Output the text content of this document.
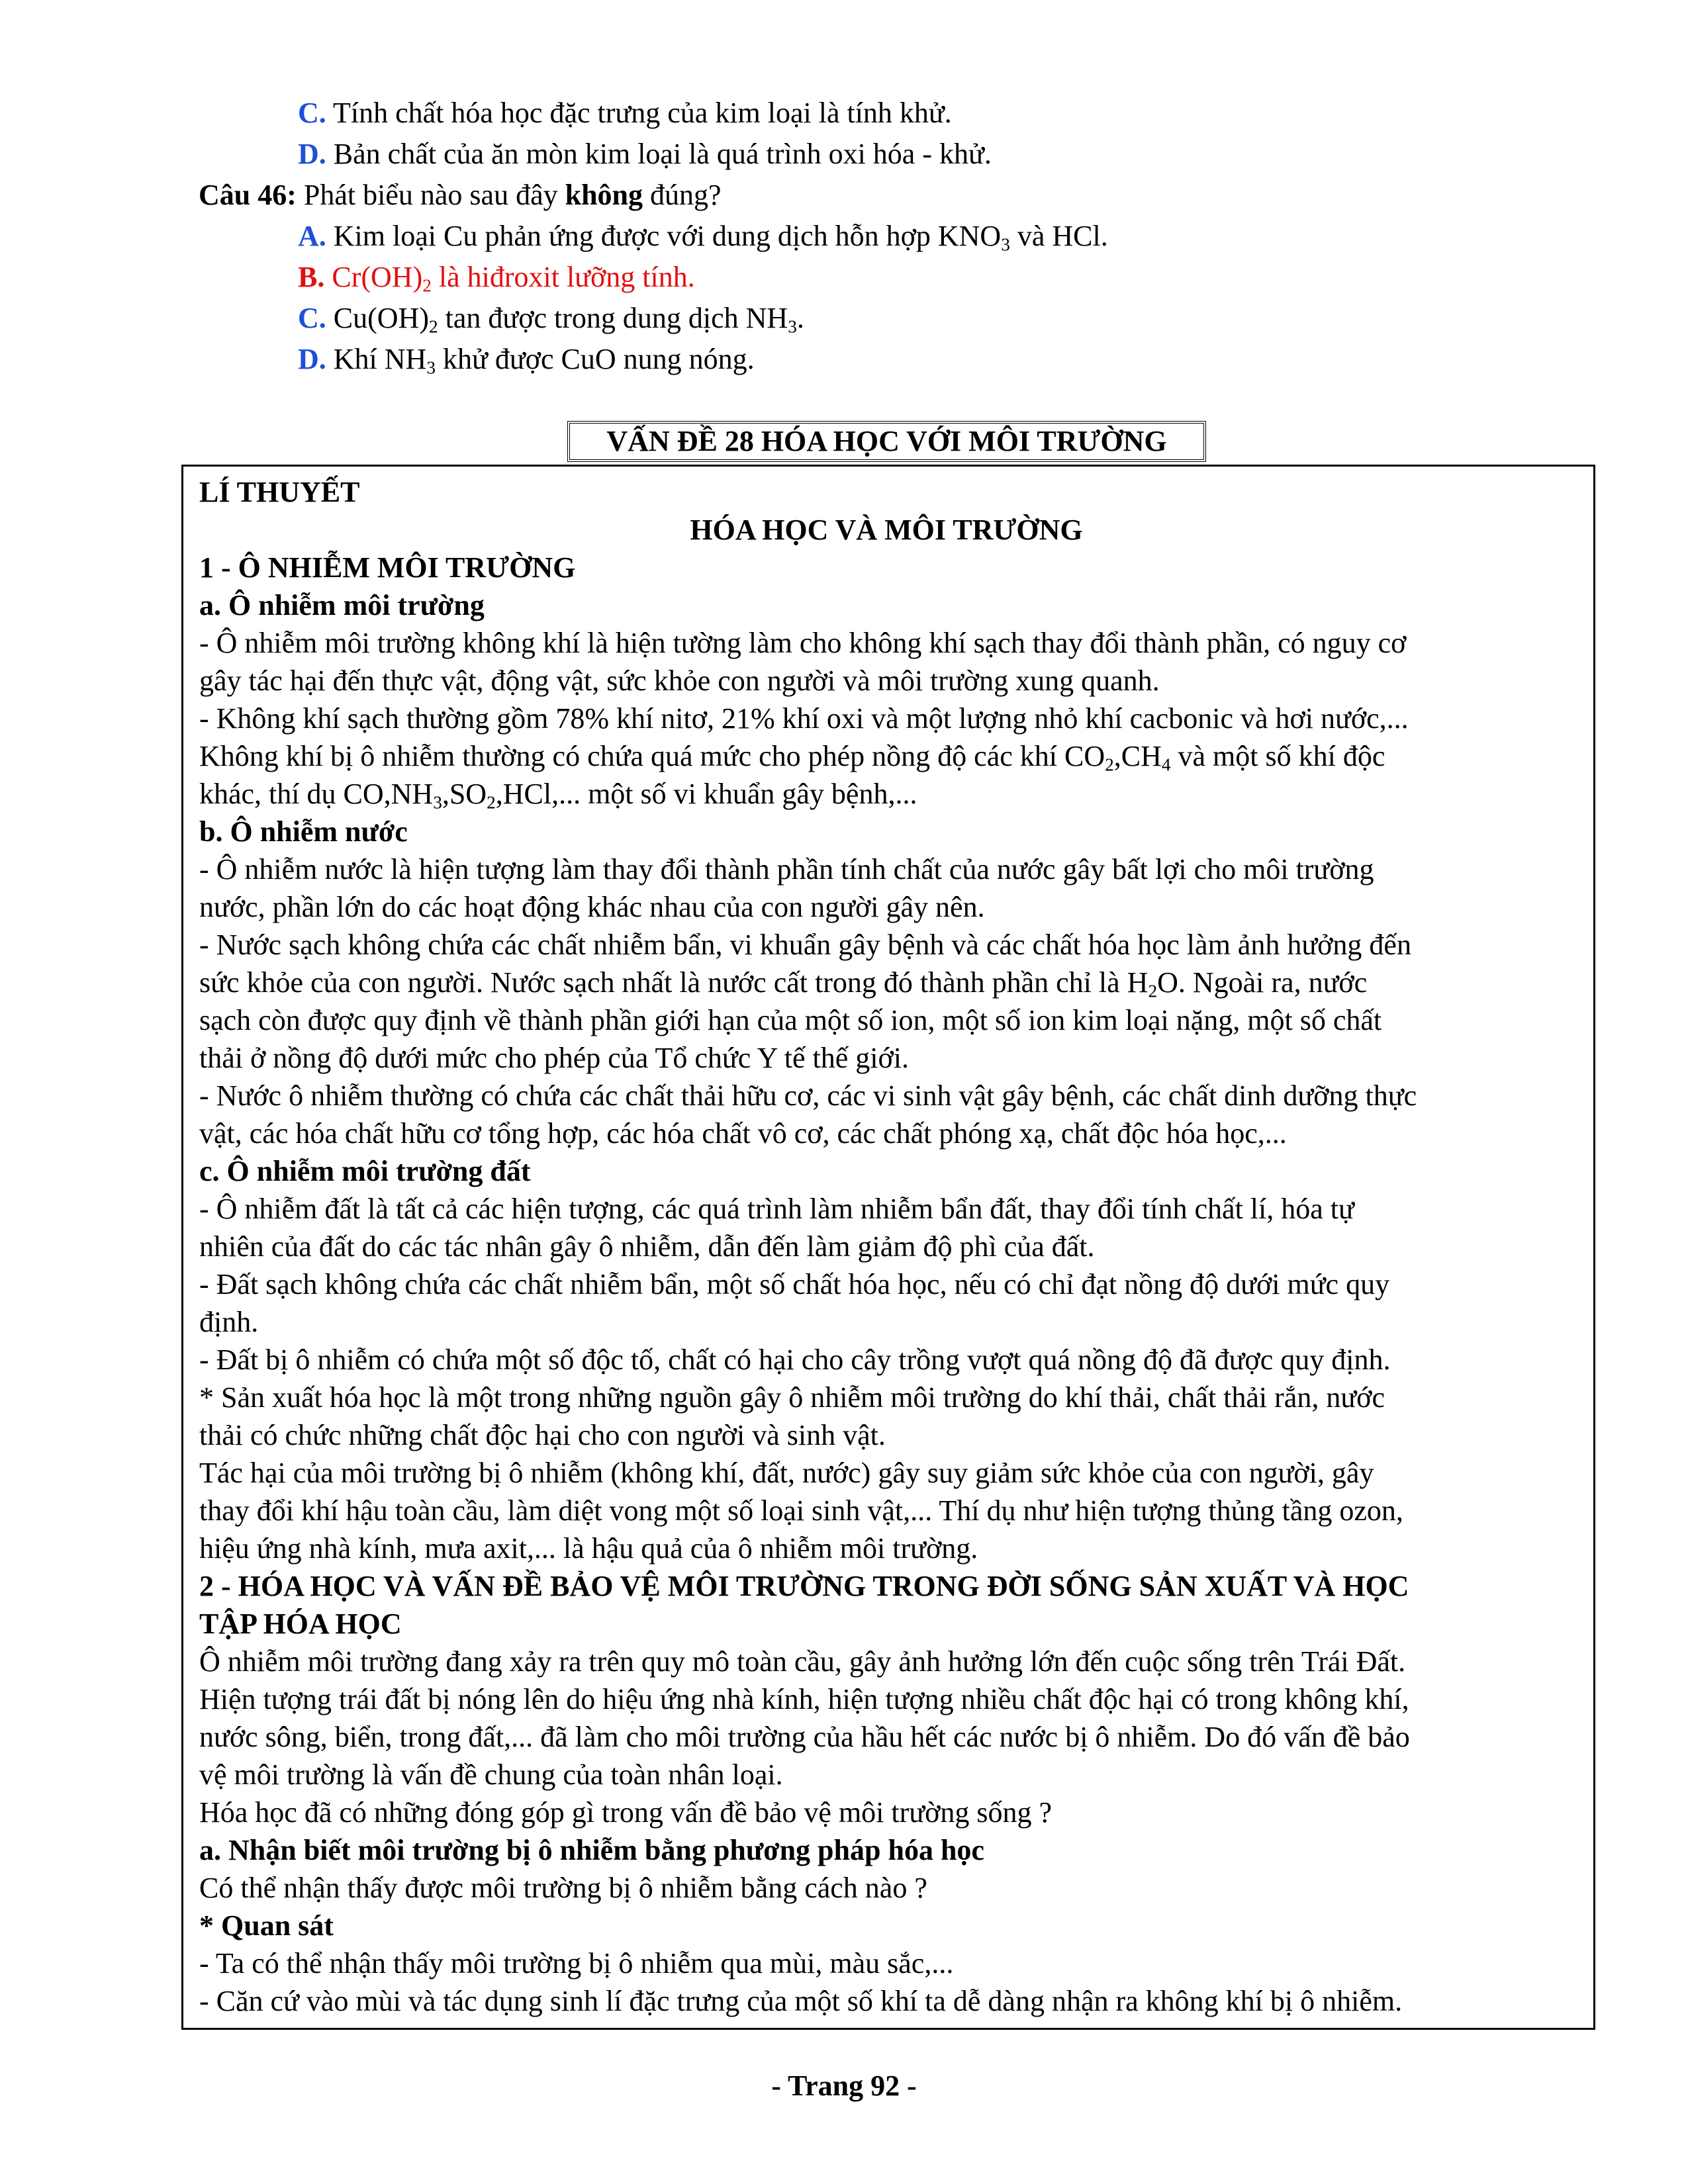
C. Tính chất hóa học đặc trưng của kim loại là tính khử.
D. Bản chất của ăn mòn kim loại là quá trình oxi hóa - khử.
Câu 46: Phát biểu nào sau đây không đúng?
A. Kim loại Cu phản ứng được với dung dịch hỗn hợp $KNO_3$ và HCl.
B. $Cr(OH)_2$ là hiđroxit lưỡng tính.
C. $Cu(OH)_2$ tan được trong dung dịch $NH_3$.
D. Khí $NH_3$ khử được CuO nung nóng.
VẤN ĐỀ 28 HÓA HỌC VỚI MÔI TRƯỜNG
LÍ THUYẾT
HÓA HỌC VÀ MÔI TRƯỜNG
1 - Ô NHIỄM MÔI TRƯỜNG
a. Ô nhiễm môi trường
- Ô nhiễm môi trường không khí là hiện tường làm cho không khí sạch thay đổi thành phần, có nguy cơ
gây tác hại đến thực vật, động vật, sức khỏe con người và môi trường xung quanh.
- Không khí sạch thường gồm 78% khí nitơ, 21% khí oxi và một lượng nhỏ khí cacbonic và hơi nước,...
Không khí bị ô nhiễm thường có chứa quá mức cho phép nồng độ các khí $CO_2,CH_4$ và một số khí độc
khác, thí dụ $CO,NH_3,SO_2,HCl$,... một số vi khuẩn gây bệnh,...
b. Ô nhiễm nước
- Ô nhiễm nước là hiện tượng làm thay đổi thành phần tính chất của nước gây bất lợi cho môi trường
nước, phần lớn do các hoạt động khác nhau của con người gây nên.
- Nước sạch không chứa các chất nhiễm bẩn, vi khuẩn gây bệnh và các chất hóa học làm ảnh hưởng đến
sức khỏe của con người. Nước sạch nhất là nước cất trong đó thành phần chỉ là $H_2O$. Ngoài ra, nước
sạch còn được quy định về thành phần giới hạn của một số ion, một số ion kim loại nặng, một số chất
thải ở nồng độ dưới mức cho phép của Tổ chức Y tế thế giới.
- Nước ô nhiễm thường có chứa các chất thải hữu cơ, các vi sinh vật gây bệnh, các chất dinh dưỡng thực
vật, các hóa chất hữu cơ tổng hợp, các hóa chất vô cơ, các chất phóng xạ, chất độc hóa học,...
c. Ô nhiễm môi trường đất
- Ô nhiễm đất là tất cả các hiện tượng, các quá trình làm nhiễm bẩn đất, thay đổi tính chất lí, hóa tự
nhiên của đất do các tác nhân gây ô nhiễm, dẫn đến làm giảm độ phì của đất.
- Đất sạch không chứa các chất nhiễm bẩn, một số chất hóa học, nếu có chỉ đạt nồng độ dưới mức quy
định.
- Đất bị ô nhiễm có chứa một số độc tố, chất có hại cho cây trồng vượt quá nồng độ đã được quy định.
* Sản xuất hóa học là một trong những nguồn gây ô nhiễm môi trường do khí thải, chất thải rắn, nước
thải có chức những chất độc hại cho con người và sinh vật.
Tác hại của môi trường bị ô nhiễm (không khí, đất, nước) gây suy giảm sức khỏe của con người, gây
thay đổi khí hậu toàn cầu, làm diệt vong một số loại sinh vật,... Thí dụ như hiện tượng thủng tầng ozon,
hiệu ứng nhà kính, mưa axit,... là hậu quả của ô nhiễm môi trường.
2 - HÓA HỌC VÀ VẤN ĐỀ BẢO VỆ MÔI TRƯỜNG TRONG ĐỜI SỐNG SẢN XUẤT VÀ HỌC
TẬP HÓA HỌC
Ô nhiễm môi trường đang xảy ra trên quy mô toàn cầu, gây ảnh hưởng lớn đến cuộc sống trên Trái Đất.
Hiện tượng trái đất bị nóng lên do hiệu ứng nhà kính, hiện tượng nhiều chất độc hại có trong không khí,
nước sông, biển, trong đất,... đã làm cho môi trường của hầu hết các nước bị ô nhiễm. Do đó vấn đề bảo
vệ môi trường là vấn đề chung của toàn nhân loại.
Hóa học đã có những đóng góp gì trong vấn đề bảo vệ môi trường sống ?
a. Nhận biết môi trường bị ô nhiễm bằng phương pháp hóa học
Có thể nhận thấy được môi trường bị ô nhiễm bằng cách nào ?
* Quan sát
- Ta có thể nhận thấy môi trường bị ô nhiễm qua mùi, màu sắc,...
- Căn cứ vào mùi và tác dụng sinh lí đặc trưng của một số khí ta dễ dàng nhận ra không khí bị ô nhiễm.
- Trang 92 -
